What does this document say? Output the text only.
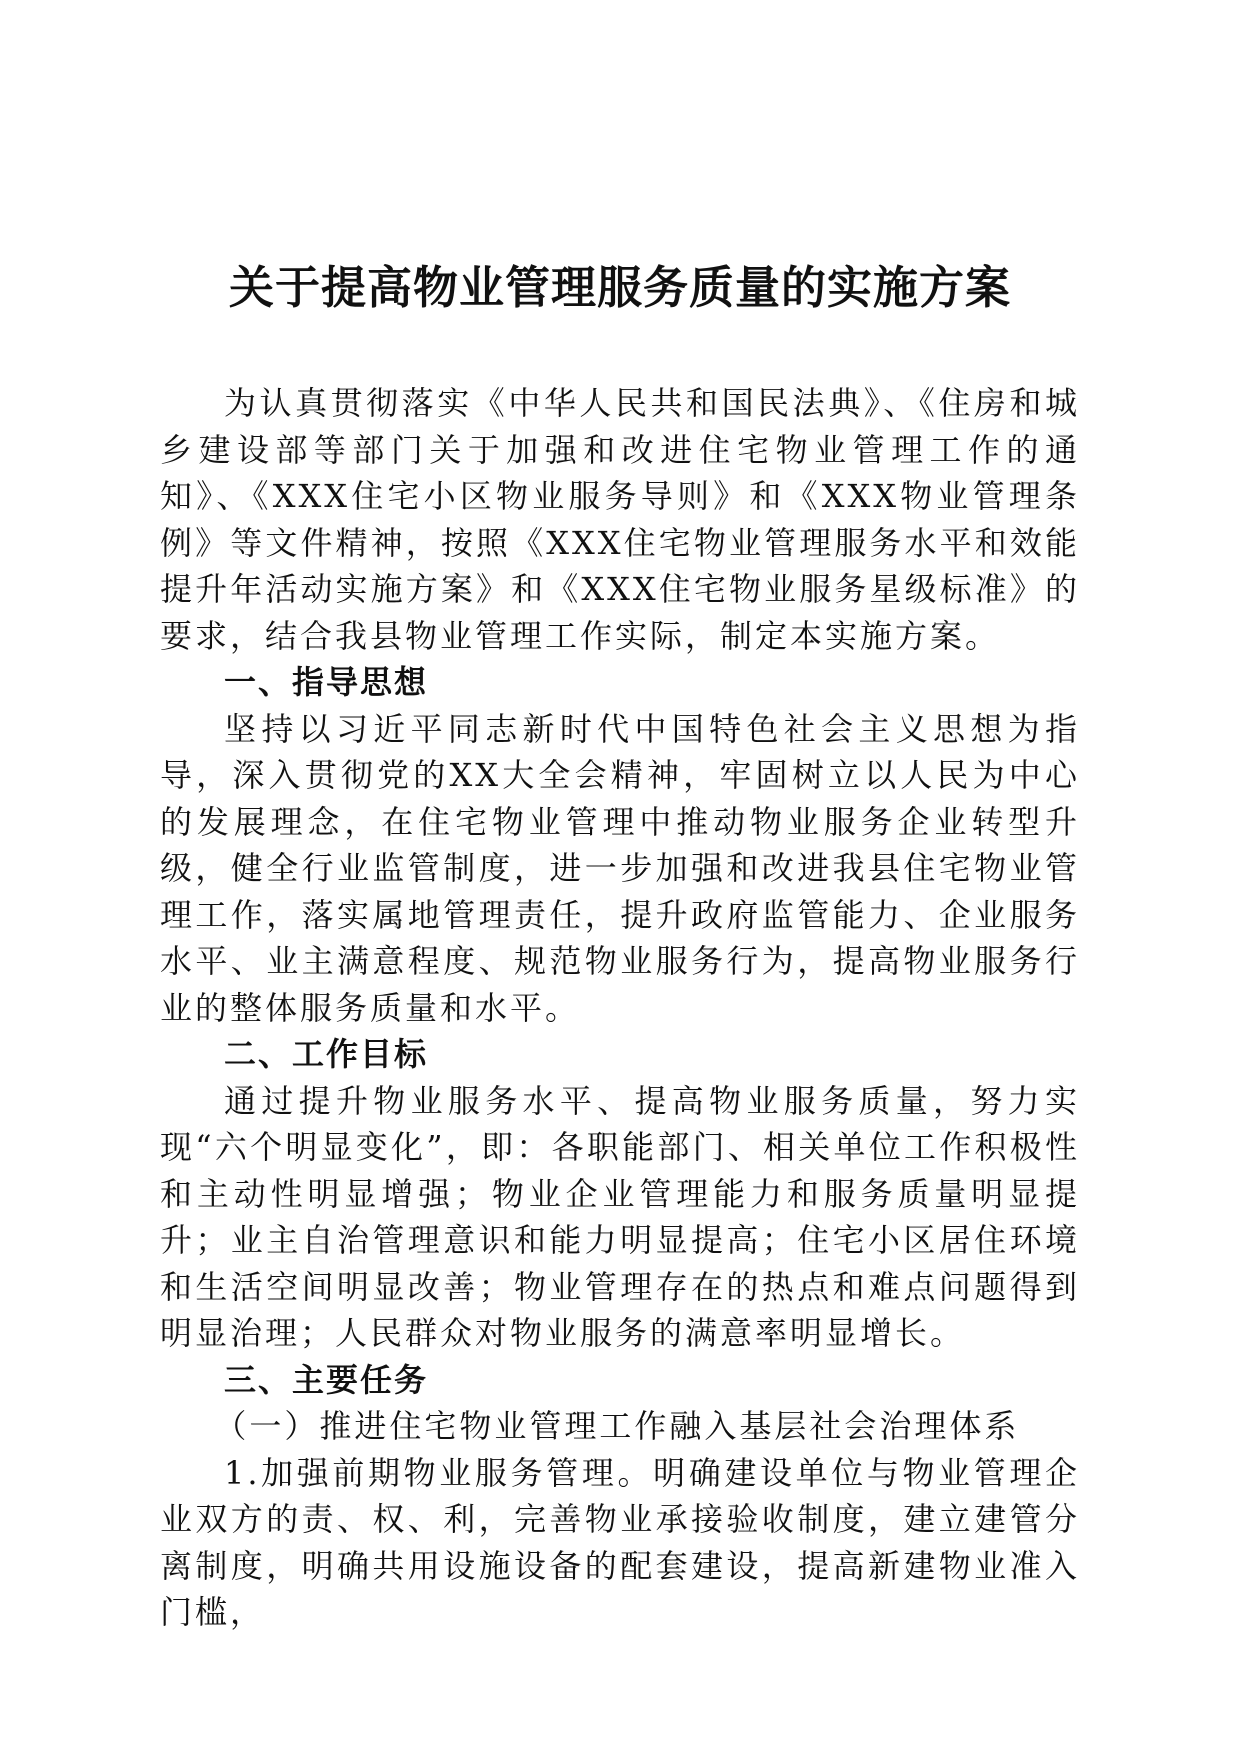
关于提高物业管理服务质量的实施方案

为认真贯彻落实《中华人民共和国民法典》、《住房和城乡建设部等部门关于加强和改进住宅物业管理工作的通知》、《XXX住宅小区物业服务导则》和《XXX物业管理条例》等文件精神，按照《XXX住宅物业管理服务水平和效能提升年活动实施方案》和《XXX住宅物业服务星级标准》的要求，结合我县物业管理工作实际，制定本实施方案。

一、指导思想

坚持以习近平同志新时代中国特色社会主义思想为指导，深入贯彻党的XX大全会精神，牢固树立以人民为中心的发展理念，在住宅物业管理中推动物业服务企业转型升级，健全行业监管制度，进一步加强和改进我县住宅物业管理工作，落实属地管理责任，提升政府监管能力、企业服务水平、业主满意程度、规范物业服务行为，提高物业服务行业的整体服务质量和水平。

二、工作目标

通过提升物业服务水平、提高物业服务质量，努力实现“六个明显变化”，即：各职能部门、相关单位工作积极性和主动性明显增强；物业企业管理能力和服务质量明显提升；业主自治管理意识和能力明显提高；住宅小区居住环境和生活空间明显改善；物业管理存在的热点和难点问题得到明显治理；人民群众对物业服务的满意率明显增长。

三、主要任务

（一）推进住宅物业管理工作融入基层社会治理体系

1.加强前期物业服务管理。明确建设单位与物业管理企业双方的责、权、利，完善物业承接验收制度，建立建管分离制度，明确共用设施设备的配套建设，提高新建物业准入门槛，
